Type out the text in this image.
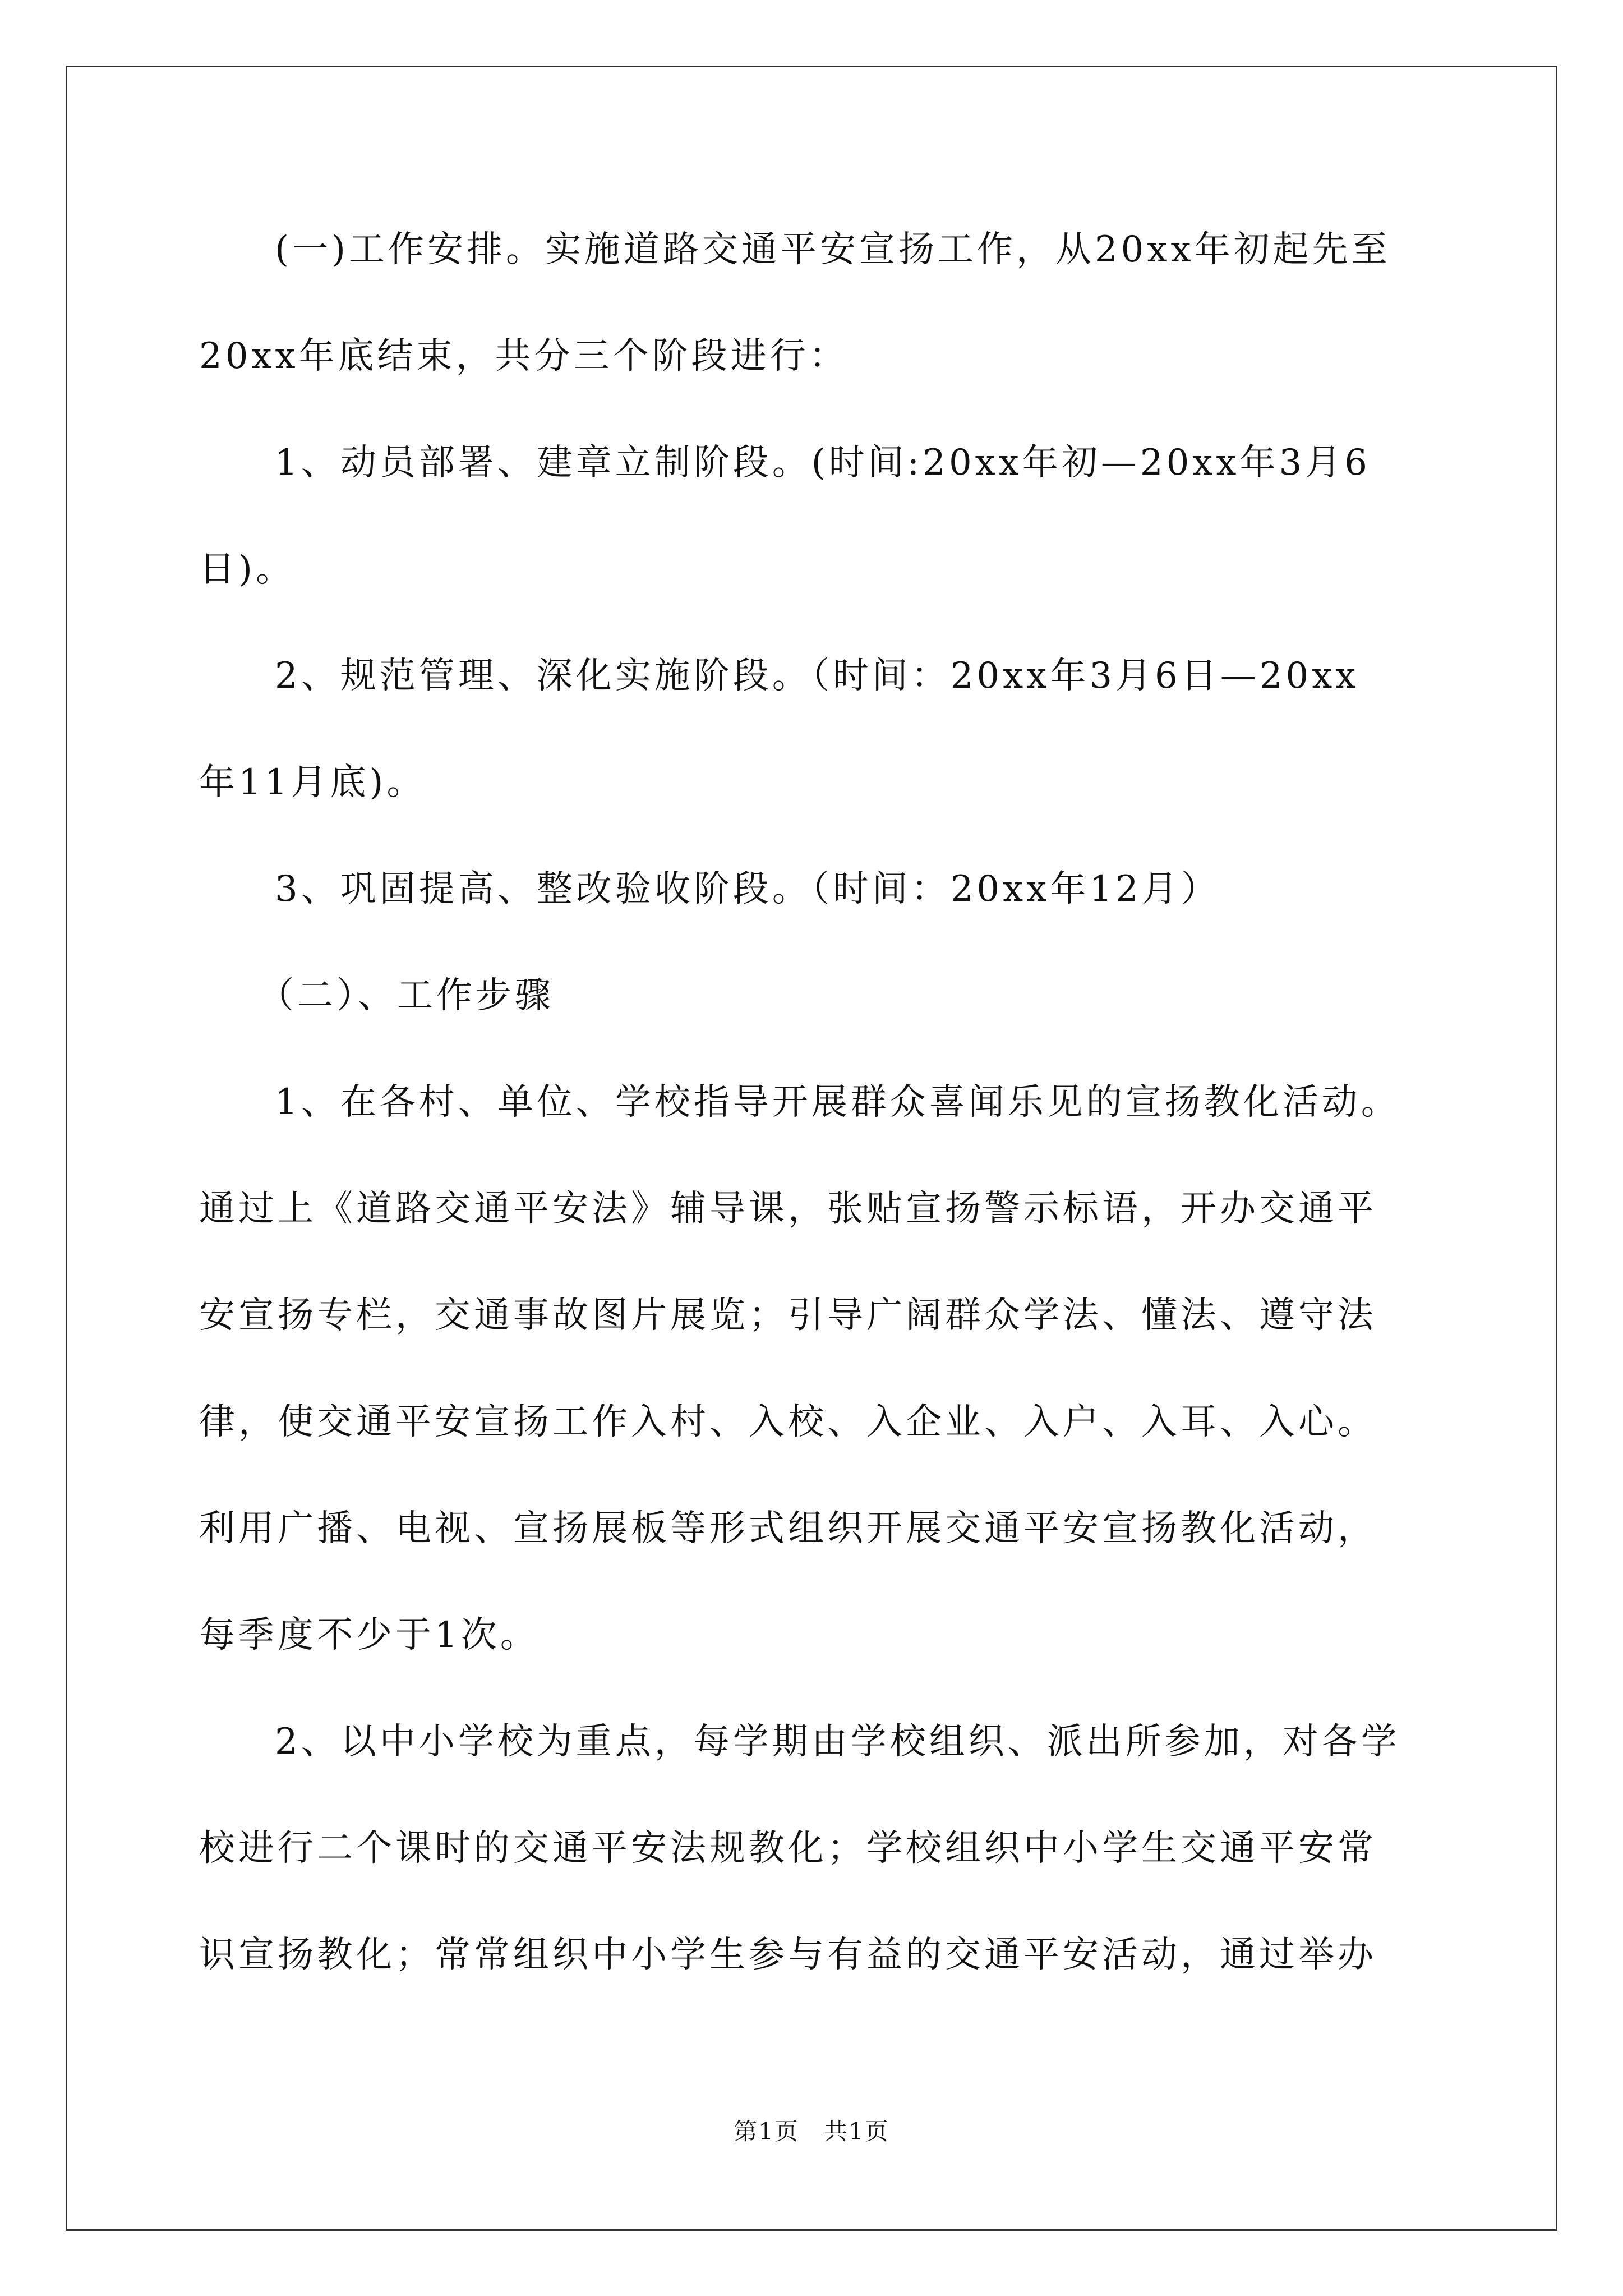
(一)工作安排。实施道路交通平安宣扬工作，从20xx年初起先至
20xx年底结束，共分三个阶段进行：
1、动员部署、建章立制阶段。(时间:20xx年初—20xx年3月6
日)。
2、规范管理、深化实施阶段。（时间：20xx年3月6日—20xx
年11月底)。
3、巩固提高、整改验收阶段。（时间：20xx年12月）
（二）、工作步骤
1、在各村、单位、学校指导开展群众喜闻乐见的宣扬教化活动。
通过上《道路交通平安法》辅导课，张贴宣扬警示标语，开办交通平
安宣扬专栏，交通事故图片展览；引导广阔群众学法、懂法、遵守法
律，使交通平安宣扬工作入村、入校、入企业、入户、入耳、入心。
利用广播、电视、宣扬展板等形式组织开展交通平安宣扬教化活动，
每季度不少于1次。
2、以中小学校为重点，每学期由学校组织、派出所参加，对各学
校进行二个课时的交通平安法规教化；学校组织中小学生交通平安常
识宣扬教化；常常组织中小学生参与有益的交通平安活动，通过举办
第1页　共1页
